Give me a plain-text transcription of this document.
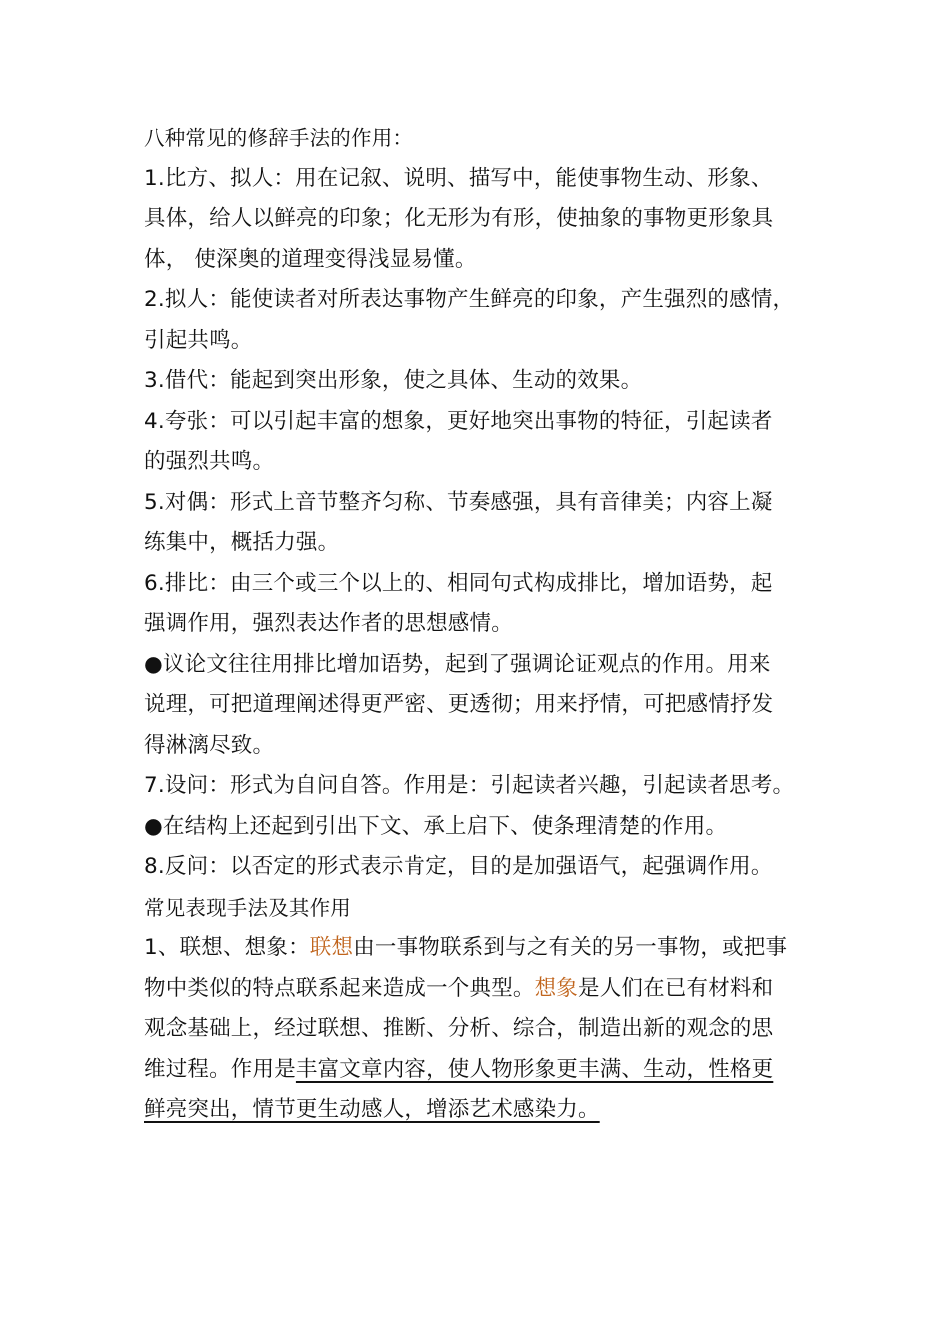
八种常见的修辞手法的作用：
1.比方、拟人：用在记叙、说明、描写中，能使事物生动、形象、
具体，给人以鲜亮的印象；化无形为有形，使抽象的事物更形象具
体， 使深奥的道理变得浅显易懂。
2.拟人：能使读者对所表达事物产生鲜亮的印象，产生强烈的感情，
引起共鸣。
3.借代：能起到突出形象，使之具体、生动的效果。
4.夸张：可以引起丰富的想象，更好地突出事物的特征，引起读者
的强烈共鸣。
5.对偶：形式上音节整齐匀称、节奏感强，具有音律美；内容上凝
练集中，概括力强。
6.排比：由三个或三个以上的、相同句式构成排比，增加语势，起
强调作用，强烈表达作者的思想感情。
●议论文往往用排比增加语势，起到了强调论证观点的作用。用来
说理，可把道理阐述得更严密、更透彻；用来抒情，可把感情抒发
得淋漓尽致。
7.设问：形式为自问自答。作用是：引起读者兴趣，引起读者思考。
●在结构上还起到引出下文、承上启下、使条理清楚的作用。
8.反问：以否定的形式表示肯定，目的是加强语气，起强调作用。
常见表现手法及其作用
1、联想、想象：联想由一事物联系到与之有关的另一事物，或把事
物中类似的特点联系起来造成一个典型。想象是人们在已有材料和
观念基础上，经过联想、推断、分析、综合，制造出新的观念的思
维过程。作用是丰富文章内容，使人物形象更丰满、生动，性格更
鲜亮突出，情节更生动感人，增添艺术感染力。
